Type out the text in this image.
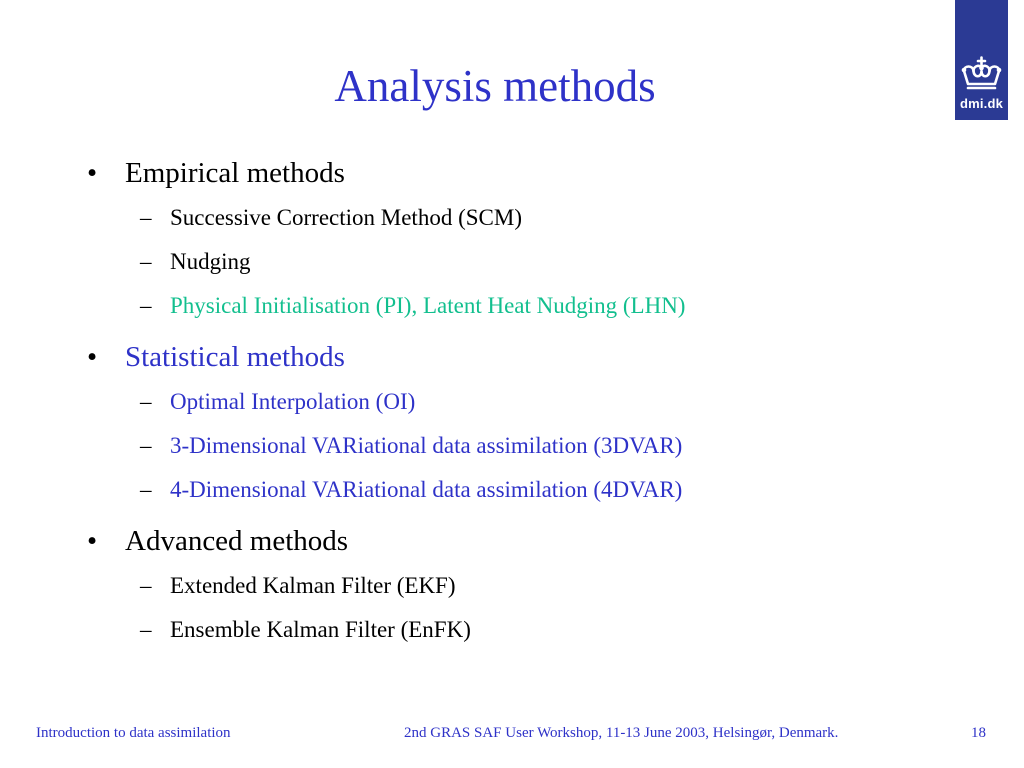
Analysis methods	dmi.dk
• Empirical methods
– Successive Correction Method (SCM)
– Nudging
– Physical Initialisation (PI), Latent Heat Nudging (LHN)
• Statistical methods
– Optimal Interpolation (OI)
– 3-Dimensional VARiational data assimilation (3DVAR)
– 4-Dimensional VARiational data assimilation (4DVAR)
• Advanced methods
– Extended Kalman Filter (EKF)
– Ensemble Kalman Filter (EnFK)
Introduction to data assimilation	2nd GRAS SAF User Workshop, 11-13 June 2003, Helsingør, Denmark.	18
